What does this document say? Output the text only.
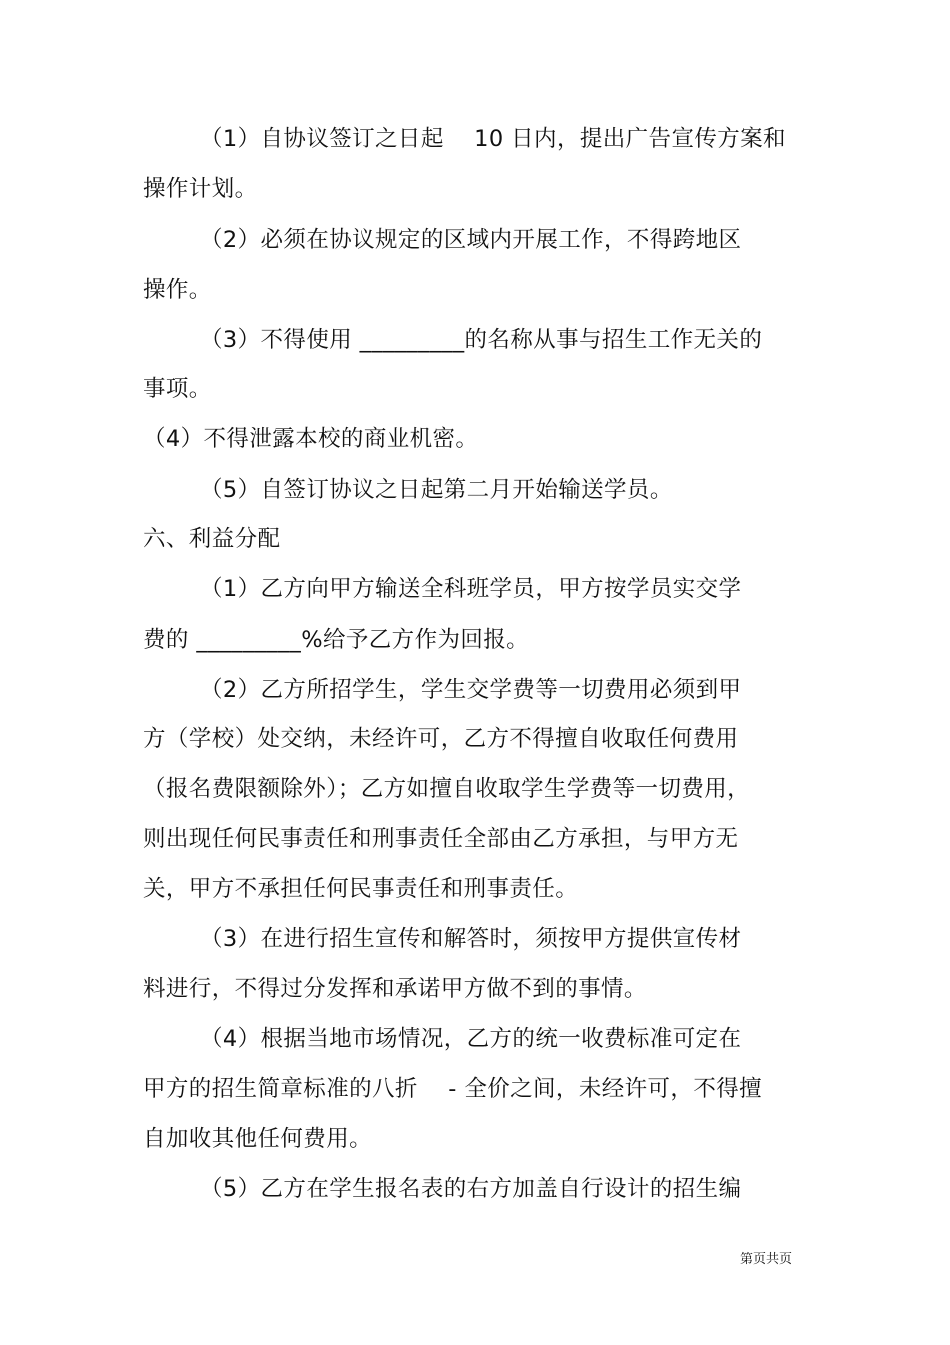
（1）自协议签订之日起　 10 日内，提出广告宣传方案和
操作计划。
（2）必须在协议规定的区域内开展工作，不得跨地区
操作。
（3）不得使用 _________的名称从事与招生工作无关的
事项。
（4）不得泄露本校的商业机密。
（5）自签订协议之日起第二月开始输送学员。
六、利益分配
（1）乙方向甲方输送全科班学员，甲方按学员实交学
费的 _________%给予乙方作为回报。
（2）乙方所招学生，学生交学费等一切费用必须到甲
方（学校）处交纳，未经许可，乙方不得擅自收取任何费用
（报名费限额除外）；乙方如擅自收取学生学费等一切费用，
则出现任何民事责任和刑事责任全部由乙方承担，与甲方无
关，甲方不承担任何民事责任和刑事责任。
（3）在进行招生宣传和解答时，须按甲方提供宣传材
料进行，不得过分发挥和承诺甲方做不到的事情。
（4）根据当地市场情况，乙方的统一收费标准可定在
甲方的招生简章标准的八折　 - 全价之间，未经许可，不得擅
自加收其他任何费用。
（5）乙方在学生报名表的右方加盖自行设计的招生编
第页共页
